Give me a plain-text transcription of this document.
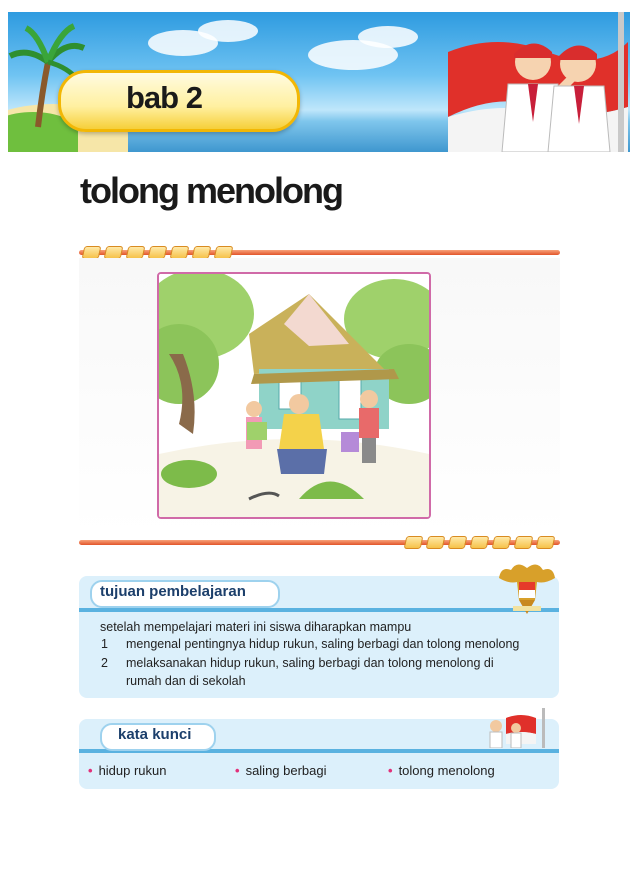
bab 2
tolong menolong
tujuan pembelajaran
setelah mempelajari materi ini siswa diharapkan mampu
1 mengenal pentingnya hidup rukun, saling berbagi dan tolong menolong
2 melaksanakan hidup rukun, saling berbagi dan tolong menolong di rumah dan di sekolah
kata kunci
• hidup rukun	• saling berbagi	• tolong menolong
